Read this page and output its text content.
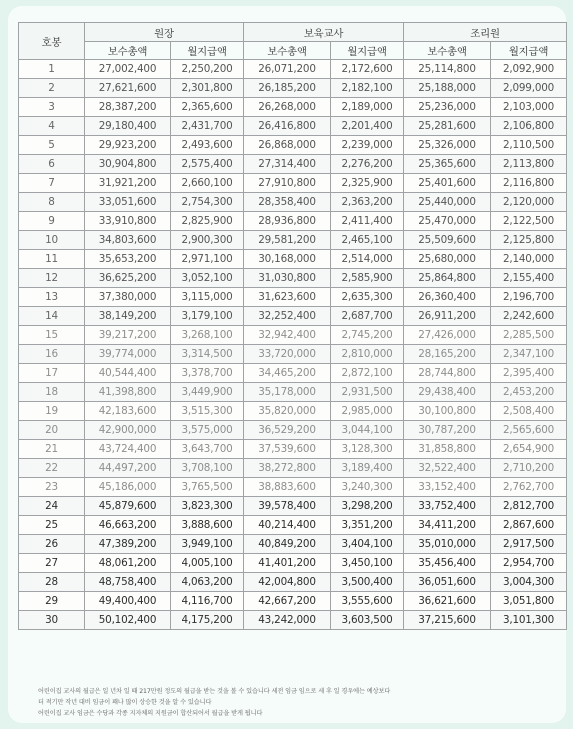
호봉	원장		보육교사		조리원	
	보수총액	월지급액	보수총액	월지급액	보수총액	월지급액
1	27,002,400	2,250,200	26,071,200	2,172,600	25,114,800	2,092,900
2	27,621,600	2,301,800	26,185,200	2,182,100	25,188,000	2,099,000
3	28,387,200	2,365,600	26,268,000	2,189,000	25,236,000	2,103,000
4	29,180,400	2,431,700	26,416,800	2,201,400	25,281,600	2,106,800
5	29,923,200	2,493,600	26,868,000	2,239,000	25,326,000	2,110,500
6	30,904,800	2,575,400	27,314,400	2,276,200	25,365,600	2,113,800
7	31,921,200	2,660,100	27,910,800	2,325,900	25,401,600	2,116,800
8	33,051,600	2,754,300	28,358,400	2,363,200	25,440,000	2,120,000
9	33,910,800	2,825,900	28,936,800	2,411,400	25,470,000	2,122,500
10	34,803,600	2,900,300	29,581,200	2,465,100	25,509,600	2,125,800
11	35,653,200	2,971,100	30,168,000	2,514,000	25,680,000	2,140,000
12	36,625,200	3,052,100	31,030,800	2,585,900	25,864,800	2,155,400
13	37,380,000	3,115,000	31,623,600	2,635,300	26,360,400	2,196,700
14	38,149,200	3,179,100	32,252,400	2,687,700	26,911,200	2,242,600
15	39,217,200	3,268,100	32,942,400	2,745,200	27,426,000	2,285,500
16	39,774,000	3,314,500	33,720,000	2,810,000	28,165,200	2,347,100
17	40,544,400	3,378,700	34,465,200	2,872,100	28,744,800	2,395,400
18	41,398,800	3,449,900	35,178,000	2,931,500	29,438,400	2,453,200
19	42,183,600	3,515,300	35,820,000	2,985,000	30,100,800	2,508,400
20	42,900,000	3,575,000	36,529,200	3,044,100	30,787,200	2,565,600
21	43,724,400	3,643,700	37,539,600	3,128,300	31,858,800	2,654,900
22	44,497,200	3,708,100	38,272,800	3,189,400	32,522,400	2,710,200
23	45,186,000	3,765,500	38,883,600	3,240,300	33,152,400	2,762,700
24	45,879,600	3,823,300	39,578,400	3,298,200	33,752,400	2,812,700
25	46,663,200	3,888,600	40,214,400	3,351,200	34,411,200	2,867,600
26	47,389,200	3,949,100	40,849,200	3,404,100	35,010,000	2,917,500
27	48,061,200	4,005,100	41,401,200	3,450,100	35,456,400	2,954,700
28	48,758,400	4,063,200	42,004,800	3,500,400	36,051,600	3,004,300
29	49,400,400	4,116,700	42,667,200	3,555,600	36,621,600	3,051,800
30	50,102,400	4,175,200	43,242,000	3,603,500	37,215,600	3,101,300
어린이집 교사의 월급은 일 년차 일 때 217만원 정도의 월급을 받는 것을 볼 수 있습니다 세전 임금 임으로 세 후 일 경우에는 예상보다
더 적기만 작년 대비 임금이 꽤나 많이 상승한 것을 알 수 있습니다
어린이집 교사 임금은 수당과 각종 지자체의 지원금이 합산되어서 월급을 받게 됩니다
